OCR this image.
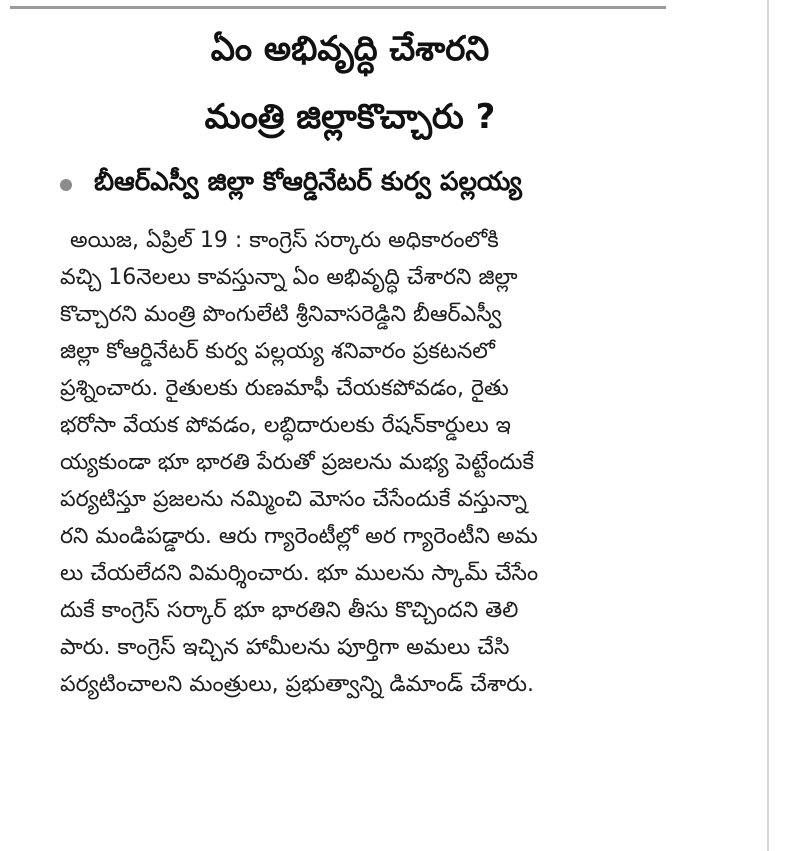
ఏం అభివృద్ధి చేశారని
మంత్రి జిల్లాకొచ్చారు ?
బీఆర్ఎస్వీ జిల్లా కోఆర్డినేటర్ కుర్వ పల్లయ్య
అయిజ, ఏప్రిల్ 19 : కాంగ్రెస్ సర్కారు అధికారంలోకి
వచ్చి 16నెలలు కావస్తున్నా ఏం అభివృద్ధి చేశారని జిల్లా
కొచ్చారని మంత్రి పొంగులేటి శ్రీనివాసరెడ్డిని బీఆర్ఎస్వీ
జిల్లా కోఆర్డినేటర్ కుర్వ పల్లయ్య శనివారం ప్రకటనలో
ప్రశ్నించారు. రైతులకు రుణమాఫీ చేయకపోవడం, రైతు
భరోసా వేయక పోవడం, లబ్ధిదారులకు రేషన్‌కార్డులు ఇ
య్యకుండా భూ భారతి పేరుతో ప్రజలను మభ్య పెట్టేందుకే
పర్యటిస్తూ ప్రజలను నమ్మించి మోసం చేసేందుకే వస్తున్నా
రని మండిపడ్డారు. ఆరు గ్యారెంటీల్లో అర గ్యారెంటీని అమ
లు చేయలేదని విమర్శించారు. భూ ములను స్కామ్ చేసేం
దుకే కాంగ్రెస్ సర్కార్ భూ భారతిని తీసు కొచ్చిందని తెలి
పారు. కాంగ్రెస్ ఇచ్చిన హామీలను పూర్తిగా అమలు చేసి
పర్యటించాలని మంత్రులు, ప్రభుత్వాన్ని డిమాండ్ చేశారు.
